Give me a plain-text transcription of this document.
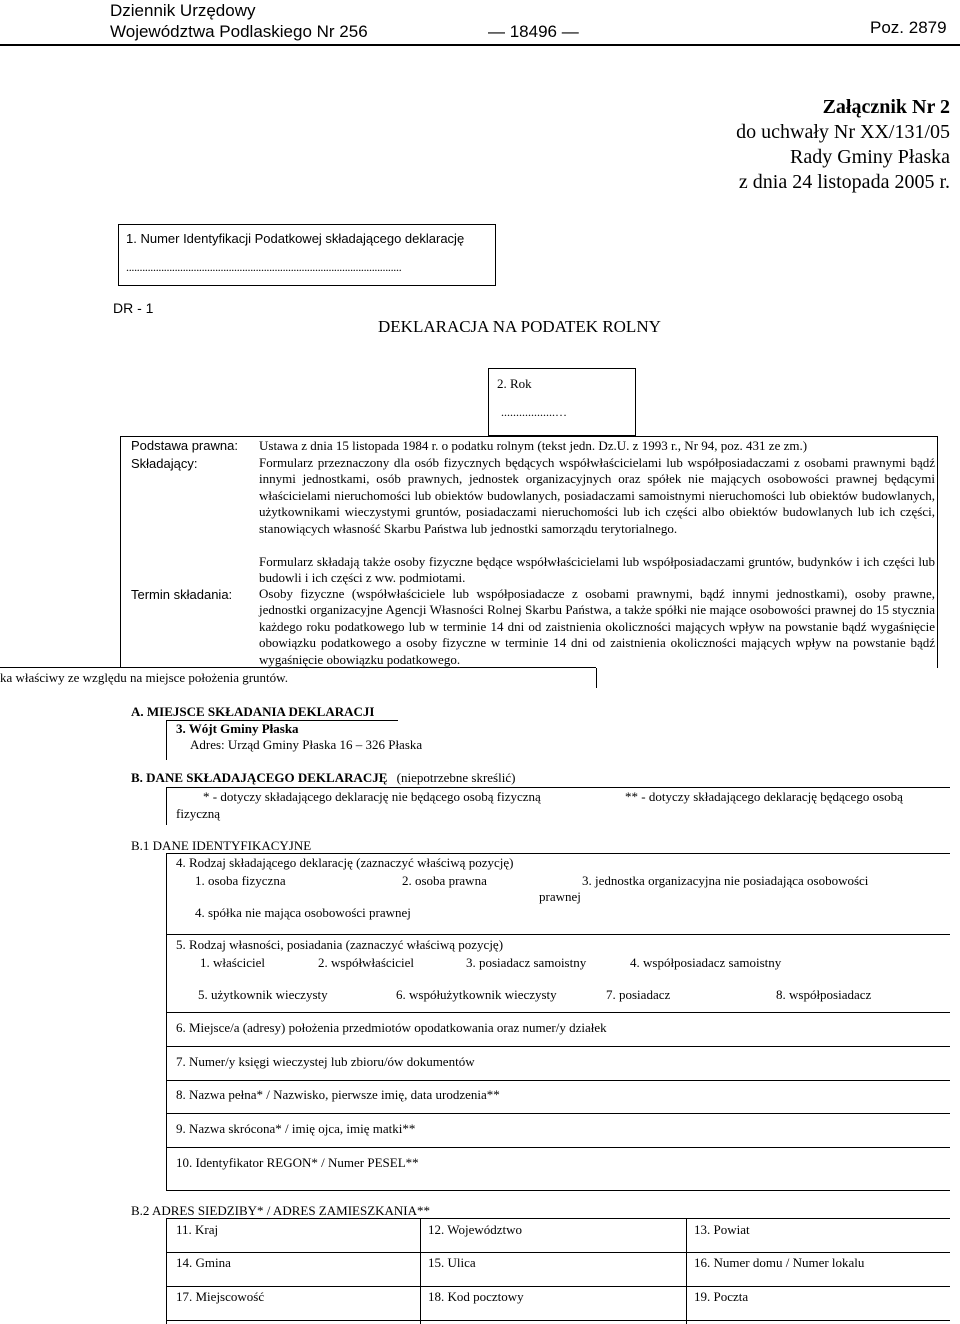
Dziennik Urzędowy
Województwa Podlaskiego Nr 256	— 18496 —	Poz. 2879
Załącznik Nr 2
do uchwały Nr XX/131/05
Rady Gminy Płaska
z dnia 24 listopada 2005 r.
1. Numer Identyfikacji Podatkowej składającego deklarację
......................................................................................................
DR - 1
DEKLARACJA NA PODATEK ROLNY
2. Rok
..................…
Podstawa prawna: Ustawa z dnia 15 listopada 1984 r. o podatku rolnym (tekst jedn. Dz.U. z 1993 r., Nr 94, poz. 431 ze zm.)
Składający:	Formularz przeznaczony dla osób fizycznych będących współwłaścicielami lub współposiadaczami z osobami prawnymi bądź innymi jednostkami, osób prawnych, jednostek organizacyjnych oraz spółek nie mających osobowości prawnej będącymi właścicielami nieruchomości lub obiektów budowlanych, posiadaczami samoistnymi nieruchomości lub obiektów budowlanych, użytkownikami wieczystymi gruntów, posiadaczami nieruchomości lub ich części albo obiektów budowlanych lub ich części, stanowiących własność Skarbu Państwa lub jednostki samorządu terytorialnego.
Formularz składają także osoby fizyczne będące współwłaścicielami lub współposiadaczami gruntów, budynków i ich części lub budowli i ich części z ww. podmiotami.
Termin składania: Osoby fizyczne (współwłaściciele lub współposiadacze z osobami prawnymi, bądź innymi jednostkami), osoby prawne, jednostki organizacyjne Agencji Własności Rolnej Skarbu Państwa, a także spółki nie mające osobowości prawnej do 15 stycznia każdego roku podatkowego lub w terminie 14 dni od zaistnienia okoliczności mających wpływ na powstanie bądź wygaśnięcie obowiązku podatkowego a osoby fizyczne w terminie 14 dni od zaistnienia okoliczności mających wpływ na powstanie bądź wygaśnięcie obowiązku podatkowego.
ka właściwy ze względu na miejsce położenia gruntów.
A. MIEJSCE SKŁADANIA DEKLARACJI
3. Wójt Gminy Płaska
Adres: Urząd Gminy Płaska 16 – 326 Płaska
B. DANE SKŁADAJĄCEGO DEKLARACJĘ (niepotrzebne skreślić)
* - dotyczy składającego deklarację nie będącego osobą fizyczną	** - dotyczy składającego deklarację będącego osobą
fizyczną
B.1 DANE IDENTYFIKACYJNE
4. Rodzaj składającego deklarację (zaznaczyć właściwą pozycję)
1. osoba fizyczna	2. osoba prawna	3. jednostka organizacyjna nie posiadająca osobowości
prawnej
4. spółka nie mająca osobowości prawnej
5. Rodzaj własności, posiadania (zaznaczyć właściwą pozycję)
1. właściciel	2. współwłaściciel	3. posiadacz samoistny	4. współposiadacz samoistny
5. użytkownik wieczysty	6. współużytkownik wieczysty	7. posiadacz	8. współposiadacz
6. Miejsce/a (adresy) położenia przedmiotów opodatkowania oraz numer/y działek
7. Numer/y księgi wieczystej lub zbioru/ów dokumentów
8. Nazwa pełna* / Nazwisko, pierwsze imię, data urodzenia**
9. Nazwa skrócona* / imię ojca, imię matki**
10. Identyfikator REGON* / Numer PESEL**
B.2 ADRES SIEDZIBY* / ADRES ZAMIESZKANIA**
11. Kraj	12. Województwo	13. Powiat
14. Gmina	15. Ulica	16. Numer domu / Numer lokalu
17. Miejscowość	18. Kod pocztowy	19. Poczta
